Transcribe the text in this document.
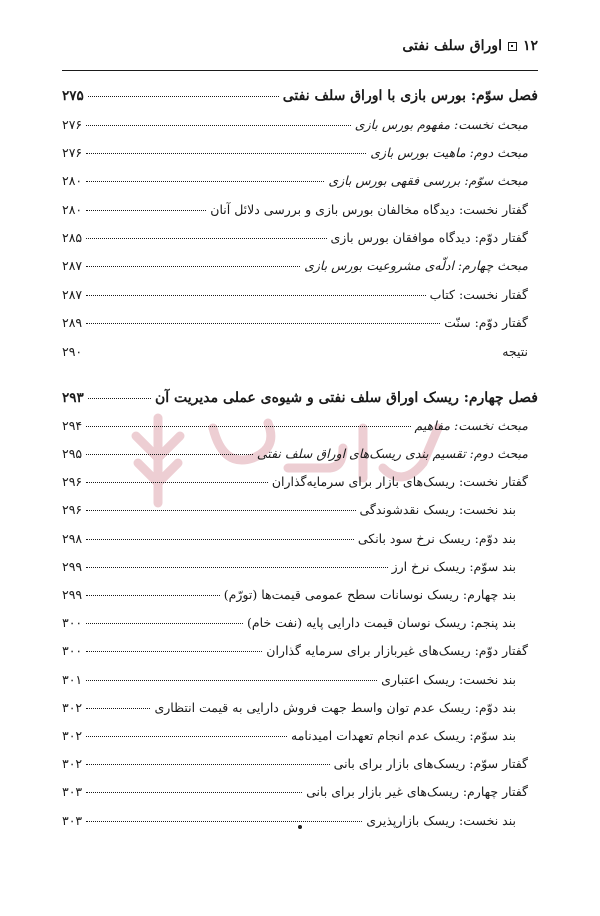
۱۲
اوراق سلف نفتی
فصل سوّم: بورس بازی با اوراق سلف نفتی
۲۷۵
مبحث نخست: مفهوم بورس بازی
۲۷۶
مبحث دوم: ماهیت بورس بازی
۲۷۶
مبحث سوّم: بررسی فقهی بورس بازی
۲۸۰
گفتار نخست: دیدگاه مخالفان بورس بازی و بررسی دلائل آنان
۲۸۰
گفتار دوّم: دیدگاه موافقان بورس بازی
۲۸۵
مبحث چهارم: ادلّه‌ی مشروعیت بورس بازی
۲۸۷
گفتار نخست: کتاب
۲۸۷
گفتار دوّم: سنّت
۲۸۹
نتیجه
۲۹۰
فصل چهارم: ریسک اوراق سلف نفتی و شیوه‌ی عملی مدیریت آن
۲۹۳
مبحث نخست: مفاهیم
۲۹۴
مبحث دوم: تقسیم بندی ریسک‌های اوراق سلف نفتی
۲۹۵
گفتار نخست: ریسک‌های بازار برای سرمایه‌گذاران
۲۹۶
بند نخست: ریسک نقدشوندگی
۲۹۶
بند دوّم: ریسک نرخ سود بانکی
۲۹۸
بند سوّم: ریسک نرخ ارز
۲۹۹
بند چهارم: ریسک نوسانات سطح عمومی قیمت‌ها (تورّم)
۲۹۹
بند پنجم: ریسک نوسان قیمت دارایی پایه (نفت خام)
۳۰۰
گفتار دوّم: ریسک‌های غیربازار برای سرمایه گذاران
۳۰۰
بند نخست: ریسک اعتباری
۳۰۱
بند دوّم: ریسک عدم توان واسط جهت فروش دارایی به قیمت انتظاری
۳۰۲
بند سوّم: ریسک عدم انجام تعهدات امیدنامه
۳۰۲
گفتار سوّم: ریسک‌های بازار برای بانی
۳۰۲
گفتار چهارم: ریسک‌های غیر بازار برای بانی
۳۰۳
بند نخست: ریسک بازارپذیری
۳۰۳
